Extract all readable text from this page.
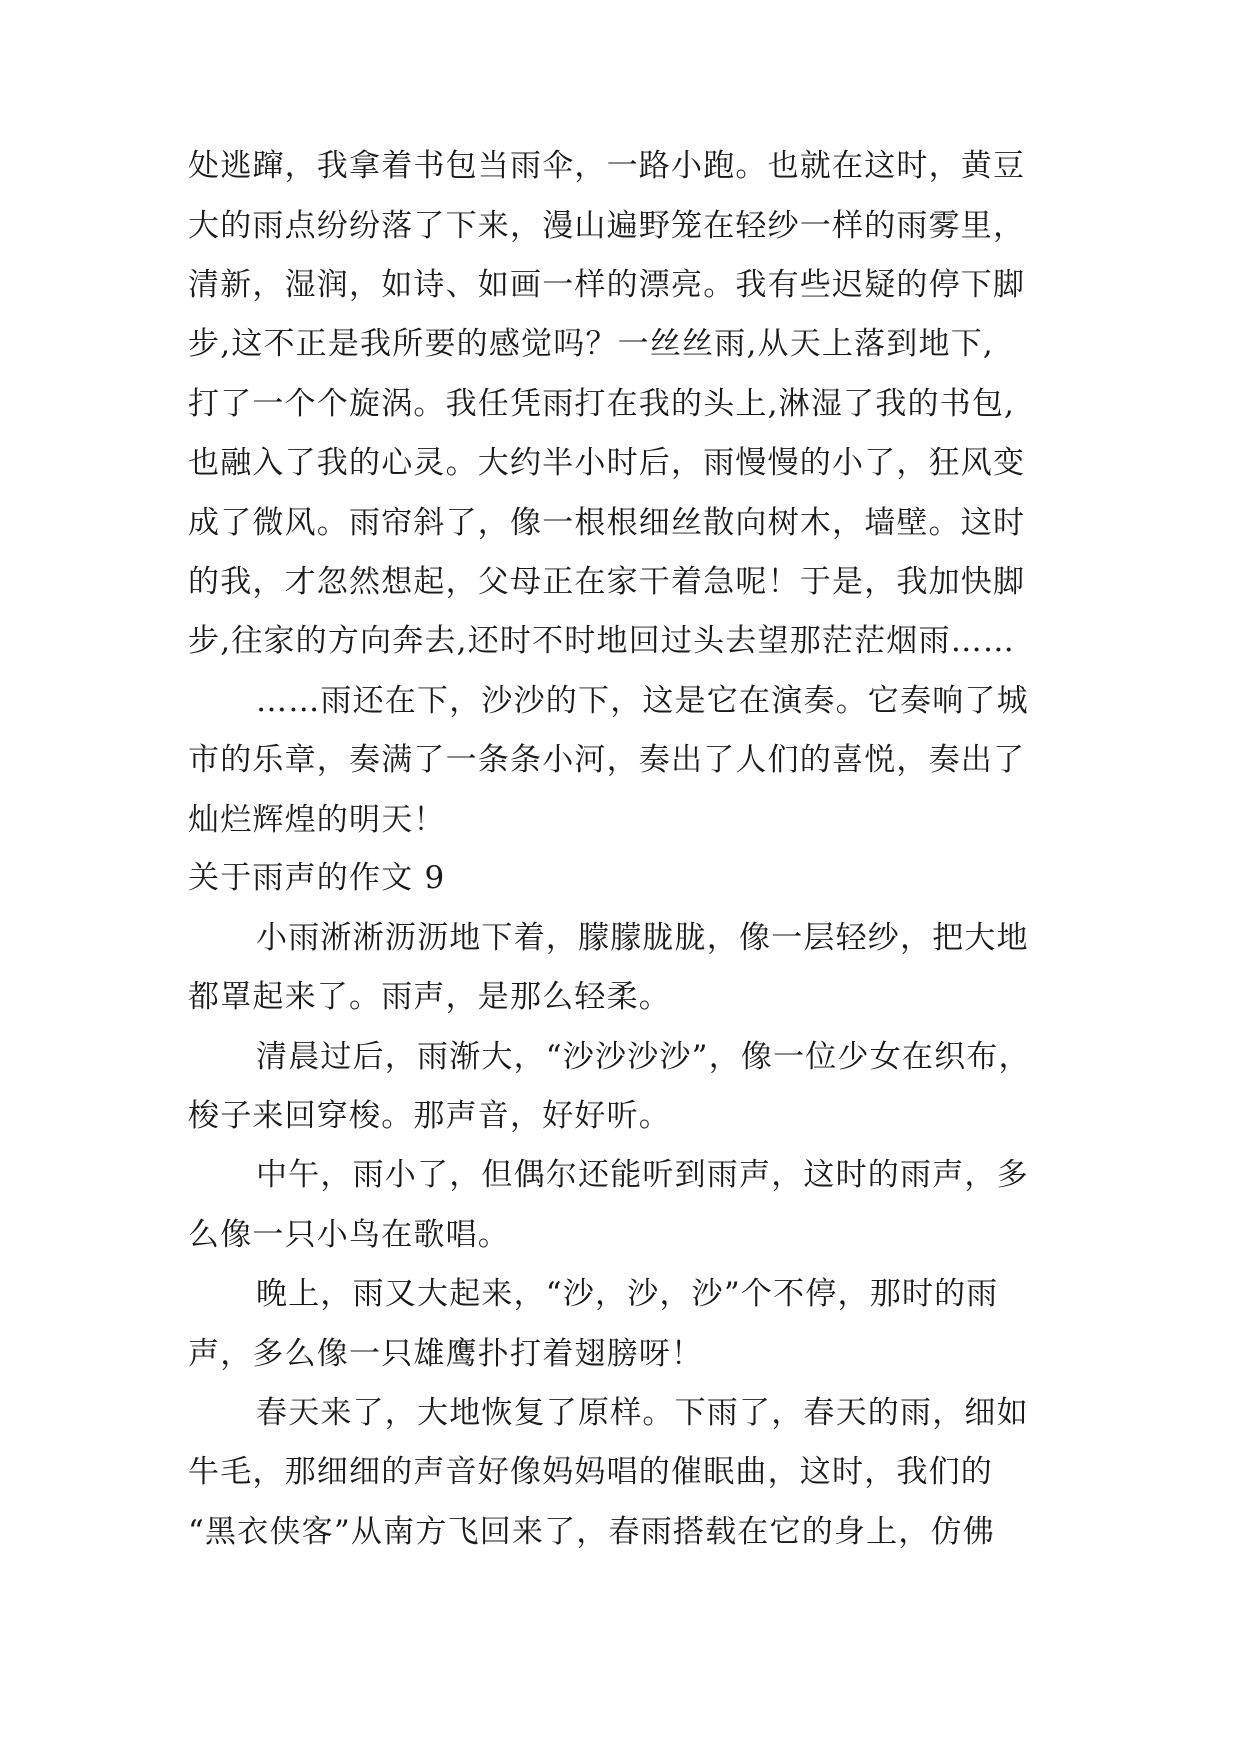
处逃蹿，我拿着书包当雨伞，一路小跑。也就在这时，黄豆
大的雨点纷纷落了下来，漫山遍野笼在轻纱一样的雨雾里，
清新，湿润，如诗、如画一样的漂亮。我有些迟疑的停下脚
步,这不正是我所要的感觉吗？一丝丝雨,从天上落到地下,
打了一个个旋涡。我任凭雨打在我的头上,淋湿了我的书包,
也融入了我的心灵。大约半小时后，雨慢慢的小了，狂风变
成了微风。雨帘斜了，像一根根细丝散向树木，墙壁。这时
的我，才忽然想起，父母正在家干着急呢！于是，我加快脚
步,往家的方向奔去,还时不时地回过头去望那茫茫烟雨……
……雨还在下，沙沙的下，这是它在演奏。它奏响了城
市的乐章，奏满了一条条小河，奏出了人们的喜悦，奏出了
灿烂辉煌的明天！
关于雨声的作文 9
小雨淅淅沥沥地下着，朦朦胧胧，像一层轻纱，把大地
都罩起来了。雨声，是那么轻柔。
清晨过后，雨渐大，“沙沙沙沙”，像一位少女在织布，
梭子来回穿梭。那声音，好好听。
中午，雨小了，但偶尔还能听到雨声，这时的雨声，多
么像一只小鸟在歌唱。
晚上，雨又大起来，“沙，沙，沙”个不停，那时的雨
声，多么像一只雄鹰扑打着翅膀呀！
春天来了，大地恢复了原样。下雨了，春天的雨，细如
牛毛，那细细的声音好像妈妈唱的催眠曲，这时，我们的
“黑衣侠客”从南方飞回来了，春雨搭载在它的身上，仿佛
